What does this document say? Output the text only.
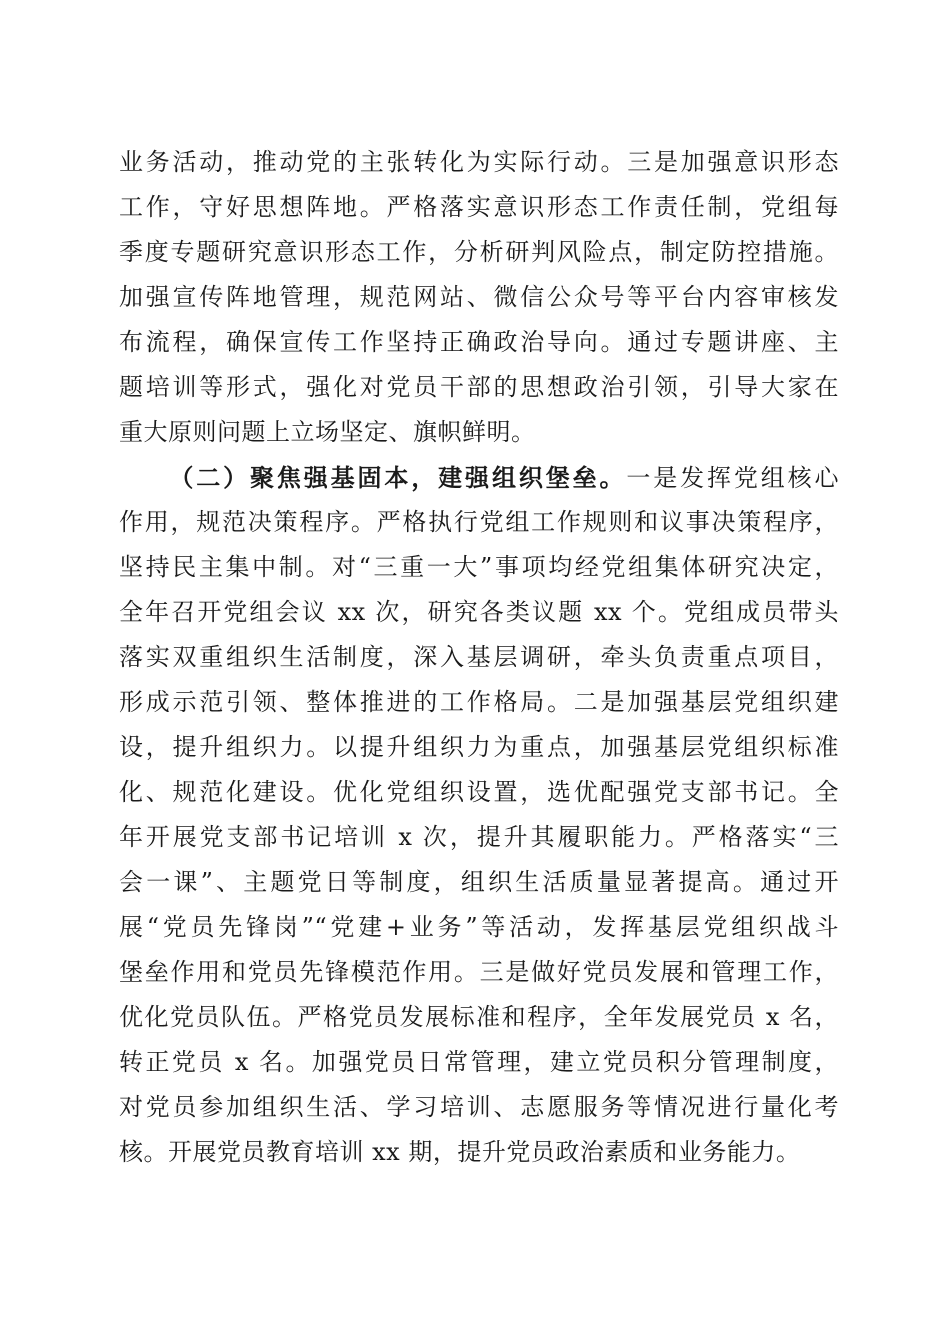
业务活动，推动党的主张转化为实际行动。三是加强意识形态
工作，守好思想阵地。严格落实意识形态工作责任制，党组每
季度专题研究意识形态工作，分析研判风险点，制定防控措施。
加强宣传阵地管理，规范网站、微信公众号等平台内容审核发
布流程，确保宣传工作坚持正确政治导向。通过专题讲座、主
题培训等形式，强化对党员干部的思想政治引领，引导大家在
重大原则问题上立场坚定、旗帜鲜明。
（二）聚焦强基固本，建强组织堡垒。一是发挥党组核心
作用，规范决策程序。严格执行党组工作规则和议事决策程序，
坚持民主集中制。对“三重一大”事项均经党组集体研究决定，
全年召开党组会议 xx 次，研究各类议题 xx 个。党组成员带头
落实双重组织生活制度，深入基层调研，牵头负责重点项目，
形成示范引领、整体推进的工作格局。二是加强基层党组织建
设，提升组织力。以提升组织力为重点，加强基层党组织标准
化、规范化建设。优化党组织设置，选优配强党支部书记。全
年开展党支部书记培训 x 次，提升其履职能力。严格落实“三
会一课”、主题党日等制度，组织生活质量显著提高。通过开
展“党员先锋岗”“党建+业务”等活动，发挥基层党组织战斗
堡垒作用和党员先锋模范作用。三是做好党员发展和管理工作，
优化党员队伍。严格党员发展标准和程序，全年发展党员 x 名，
转正党员 x 名。加强党员日常管理，建立党员积分管理制度，
对党员参加组织生活、学习培训、志愿服务等情况进行量化考
核。开展党员教育培训 xx 期，提升党员政治素质和业务能力。
